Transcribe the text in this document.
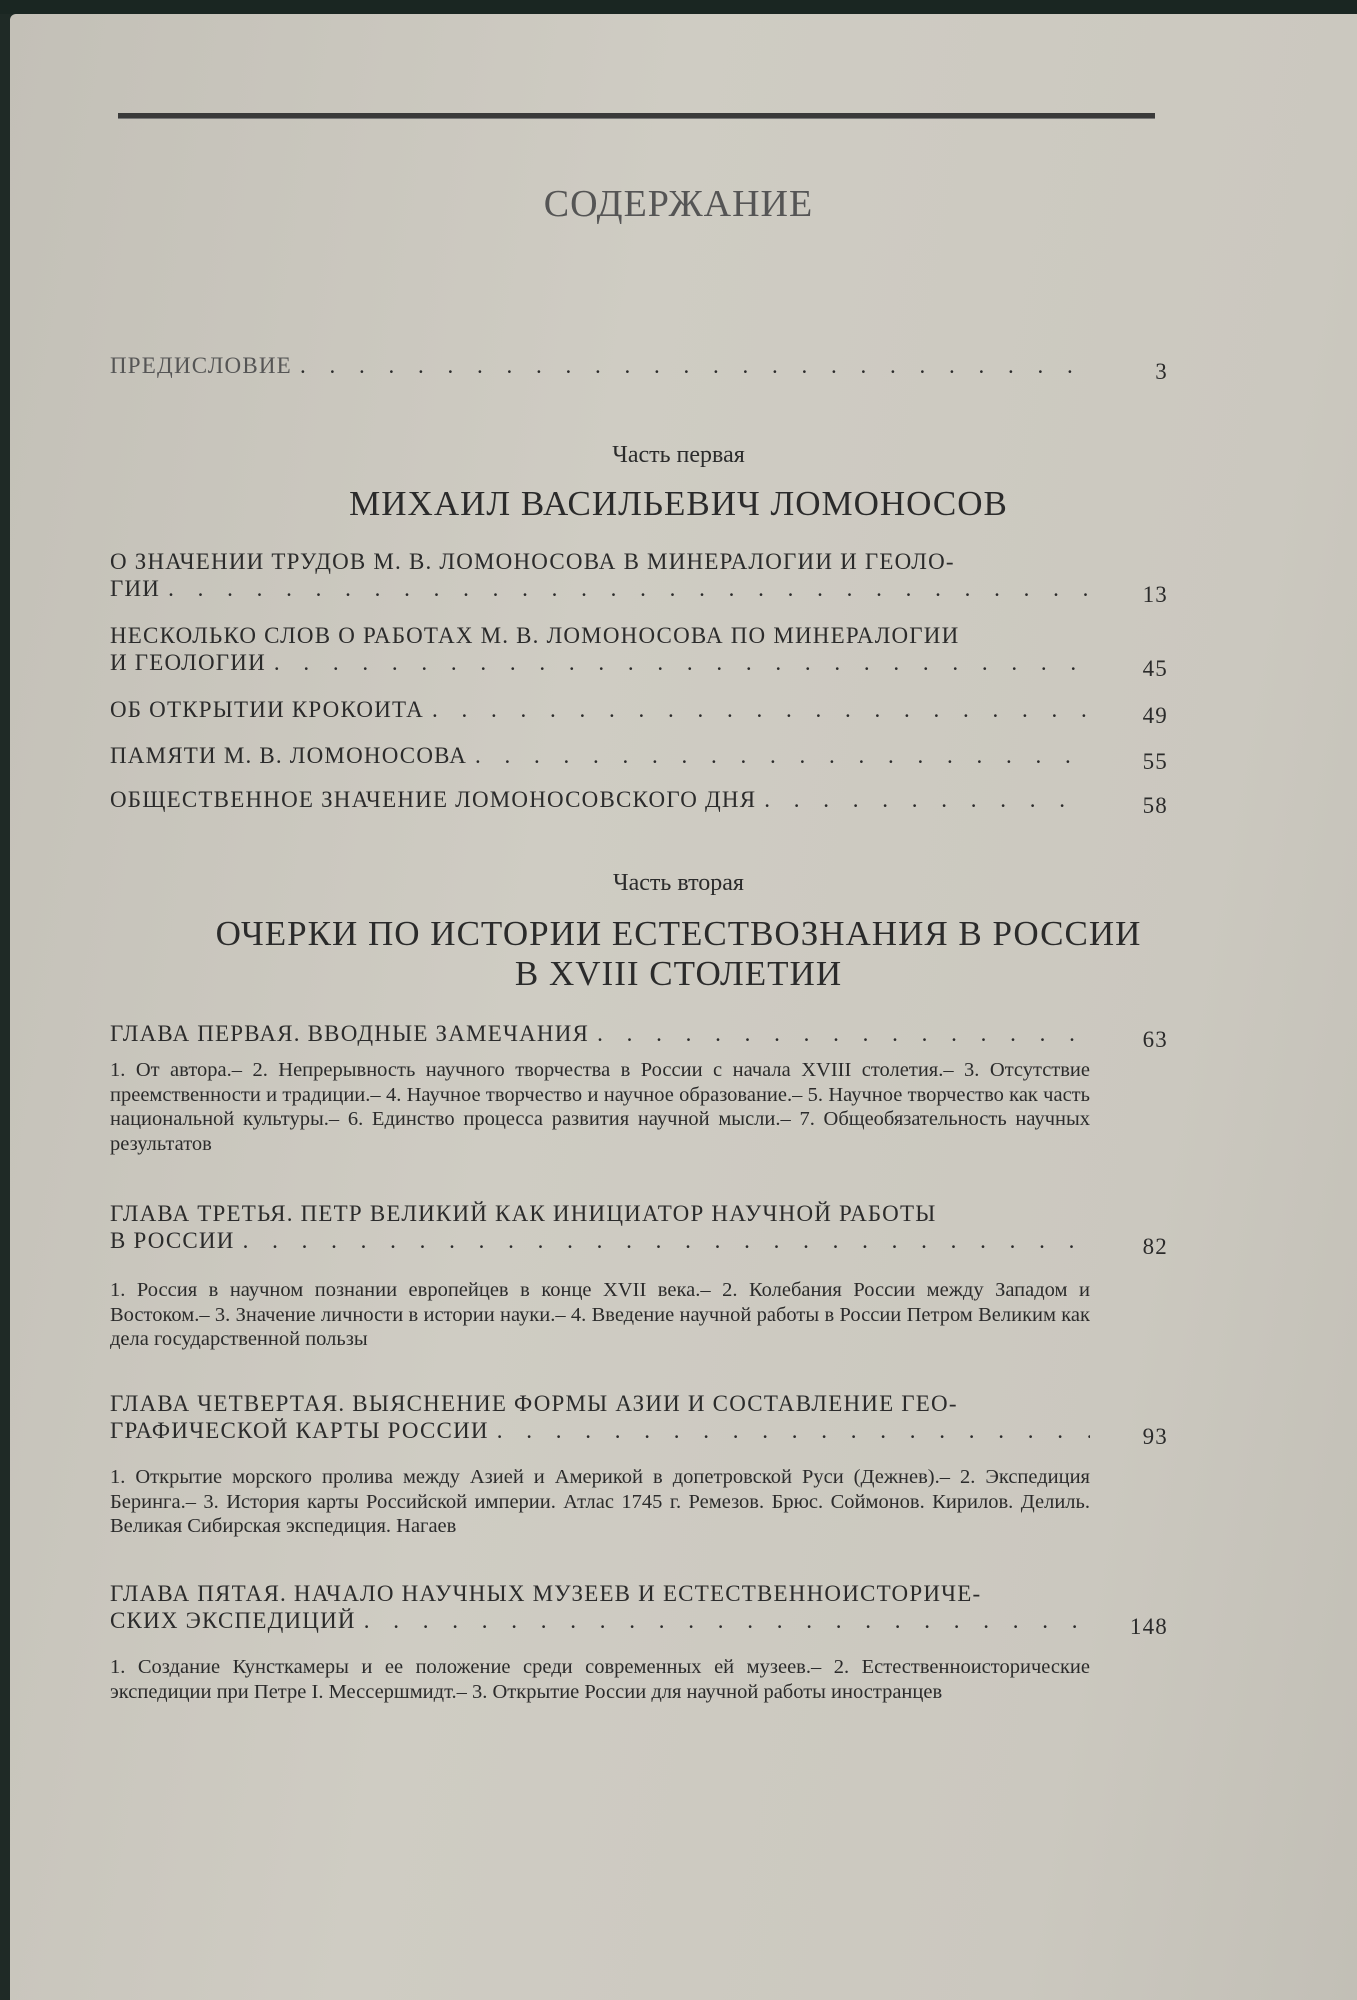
СОДЕРЖАНИЕ
ПРЕДИСЛОВИЕ . . .	3
Часть первая
МИХАИЛ ВАСИЛЬЕВИЧ ЛОМОНОСОВ
О ЗНАЧЕНИИ ТРУДОВ М. В. ЛОМОНОСОВА В МИНЕРАЛОГИИ И ГЕОЛО-
ГИИ . . .	13
НЕСКОЛЬКО СЛОВ О РАБОТАХ М. В. ЛОМОНОСОВА ПО МИНЕРАЛОГИИ
И ГЕОЛОГИИ . . .	45
ОБ ОТКРЫТИИ КРОКОИТА . . .	49
ПАМЯТИ М. В. ЛОМОНОСОВА . . .	55
ОБЩЕСТВЕННОЕ ЗНАЧЕНИЕ ЛОМОНОСОВСКОГО ДНЯ . . .	58
Часть вторая
ОЧЕРКИ ПО ИСТОРИИ ЕСТЕСТВОЗНАНИЯ В РОССИИ
В XVIII СТОЛЕТИИ
ГЛАВА ПЕРВАЯ. ВВОДНЫЕ ЗАМЕЧАНИЯ . . .	63
1. От автора.– 2. Непрерывность научного творчества в России с начала XVIII столетия.– 3. Отсутствие преемственности и традиции.– 4. Научное творчество и научное образование.– 5. Научное творчество как часть национальной культуры.– 6. Единство процесса развития научной мысли.– 7. Общеобязательность научных результатов
ГЛАВА ТРЕТЬЯ. ПЕТР ВЕЛИКИЙ КАК ИНИЦИАТОР НАУЧНОЙ РАБОТЫ
В РОССИИ . . .	82
1. Россия в научном познании европейцев в конце XVII века.– 2. Колебания России между Западом и Востоком.– 3. Значение личности в истории науки.– 4. Введение научной работы в России Петром Великим как дела государственной пользы
ГЛАВА ЧЕТВЕРТАЯ. ВЫЯСНЕНИЕ ФОРМЫ АЗИИ И СОСТАВЛЕНИЕ ГЕО-
ГРАФИЧЕСКОЙ КАРТЫ РОССИИ . . .	93
1. Открытие морского пролива между Азией и Америкой в допетровской Руси (Дежнев).– 2. Экспедиция Беринга.– 3. История карты Российской империи. Атлас 1745 г. Ремезов. Брюс. Соймонов. Кирилов. Делиль. Великая Сибирская экспедиция. Нагаев
ГЛАВА ПЯТАЯ. НАЧАЛО НАУЧНЫХ МУЗЕЕВ И ЕСТЕСТВЕННОИСТОРИЧЕ-
СКИХ ЭКСПЕДИЦИЙ . . .	148
1. Создание Кунсткамеры и ее положение среди современных ей музеев.– 2. Естественноисторические экспедиции при Петре I. Мессершмидт.– 3. Открытие России для научной работы иностранцев
